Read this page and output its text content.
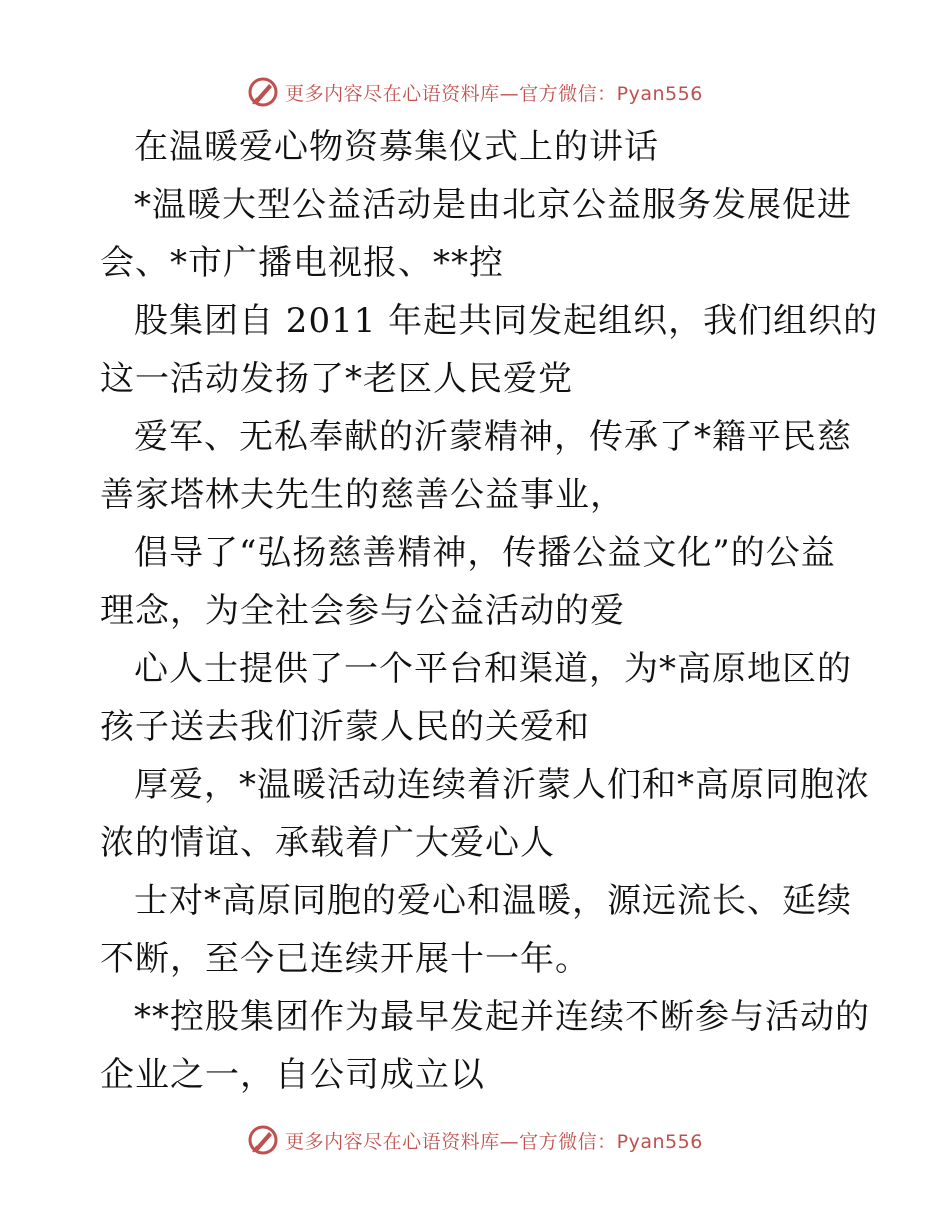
更多内容尽在心语资料库—官方微信：Pyan556
在温暖爱心物资募集仪式上的讲话
*温暖大型公益活动是由北京公益服务发展促进
会、*市广播电视报、**控
股集团自 2011 年起共同发起组织，我们组织的
这一活动发扬了*老区人民爱党
爱军、无私奉献的沂蒙精神，传承了*籍平民慈
善家塔林夫先生的慈善公益事业，
倡导了“弘扬慈善精神，传播公益文化”的公益
理念，为全社会参与公益活动的爱
心人士提供了一个平台和渠道，为*高原地区的
孩子送去我们沂蒙人民的关爱和
厚爱，*温暖活动连续着沂蒙人们和*高原同胞浓
浓的情谊、承载着广大爱心人
士对*高原同胞的爱心和温暖，源远流长、延续
不断，至今已连续开展十一年。
**控股集团作为最早发起并连续不断参与活动的
企业之一，自公司成立以
更多内容尽在心语资料库—官方微信：Pyan556
